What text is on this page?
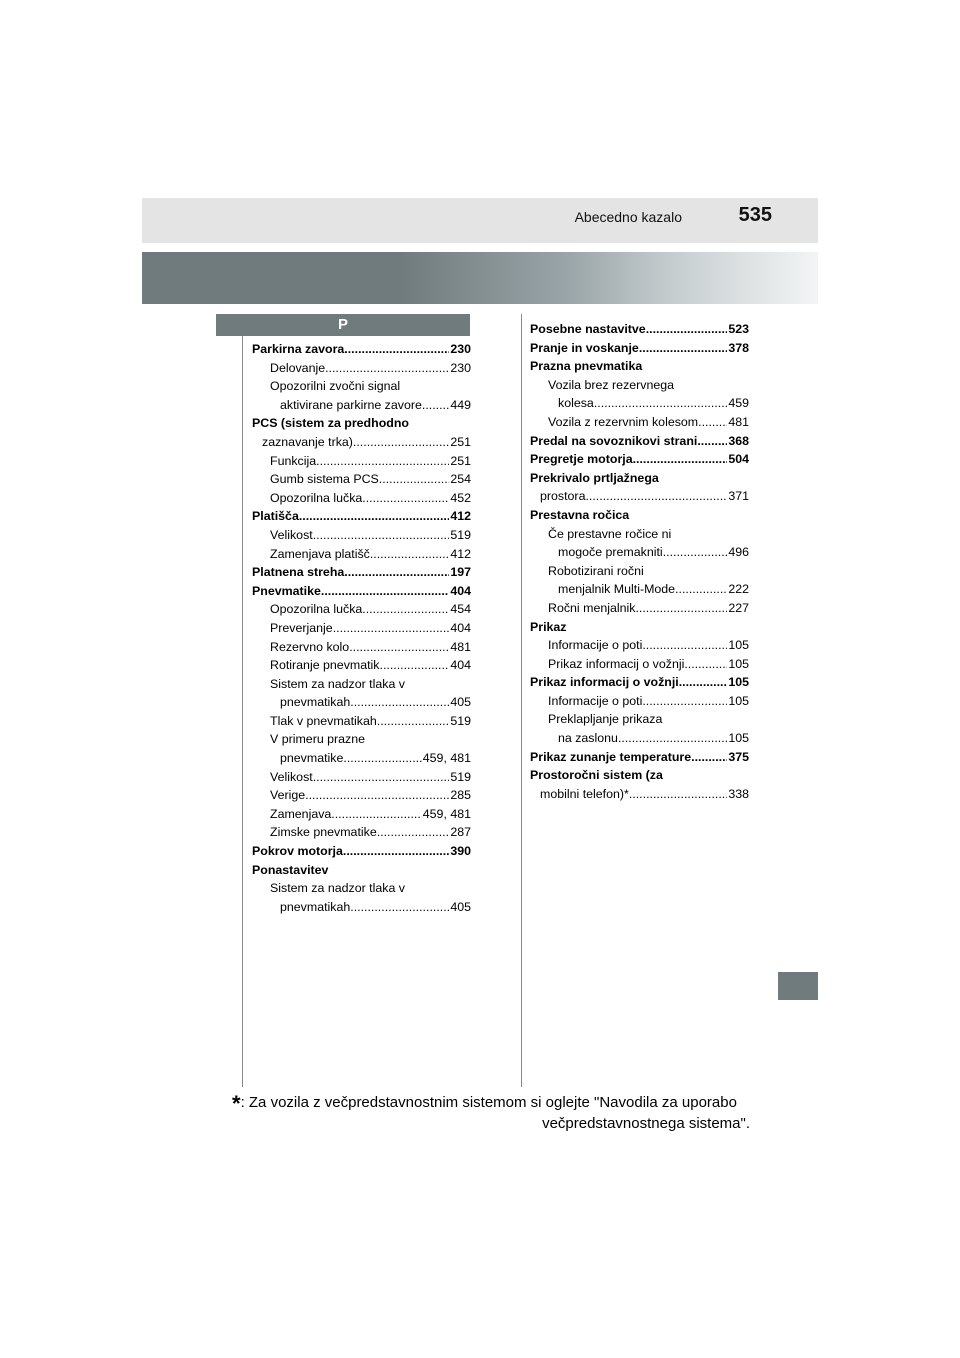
Abecedno kazalo	535
P
Parkirna zavora .....	230
Delovanje .....	230
Opozorilni zvočni signal
aktivirane parkirne zavore ..... 449
PCS (sistem za predhodno
zaznavanje trka) .....	251
Funkcija .....	251
Gumb sistema PCS .....	254
Opozorilna lučka .....	452
Platišča .....	412
Velikost .....	519
Zamenjava platišč .....	412
Platnena streha .....	197
Pnevmatike .....	404
Opozorilna lučka .....	454
Preverjanje .....	404
Rezervno kolo .....	481
Rotiranje pnevmatik .....	404
Sistem za nadzor tlaka v
pnevmatikah .....	405
Tlak v pnevmatikah .....	519
V primeru prazne
pnevmatike .....	459, 481
Velikost .....	519
Verige .....	285
Zamenjava .....	459, 481
Zimske pnevmatike .....	287
Pokrov motorja .....	390
Ponastavitev
Sistem za nadzor tlaka v
pnevmatikah .....	405
Posebne nastavitve .....	523
Pranje in voskanje .....	378
Prazna pnevmatika
Vozila brez rezervnega
kolesa .....	459
Vozila z rezervnim kolesom ..... 481
Predal na sovoznikovi strani ..... 368
Pregretje motorja .....	504
Prekrivalo prtljažnega
prostora .....	371
Prestavna ročica
Če prestavne ročice ni
mogoče premakniti .....	496
Robotizirani ročni
menjalnik Multi-Mode .....	222
Ročni menjalnik .....	227
Prikaz
Informacije o poti .....	105
Prikaz informacij o vožnji .....	105
Prikaz informacij o vožnji .....	105
Informacije o poti .....	105
Preklapljanje prikaza
na zaslonu .....	105
Prikaz zunanje temperature .....	375
Prostoročni sistem (za
mobilni telefon)* .....	338
*: Za vozila z večpredstavnostnim sistemom si oglejte "Navodila za uporabo
večpredstavnostnega sistema".
